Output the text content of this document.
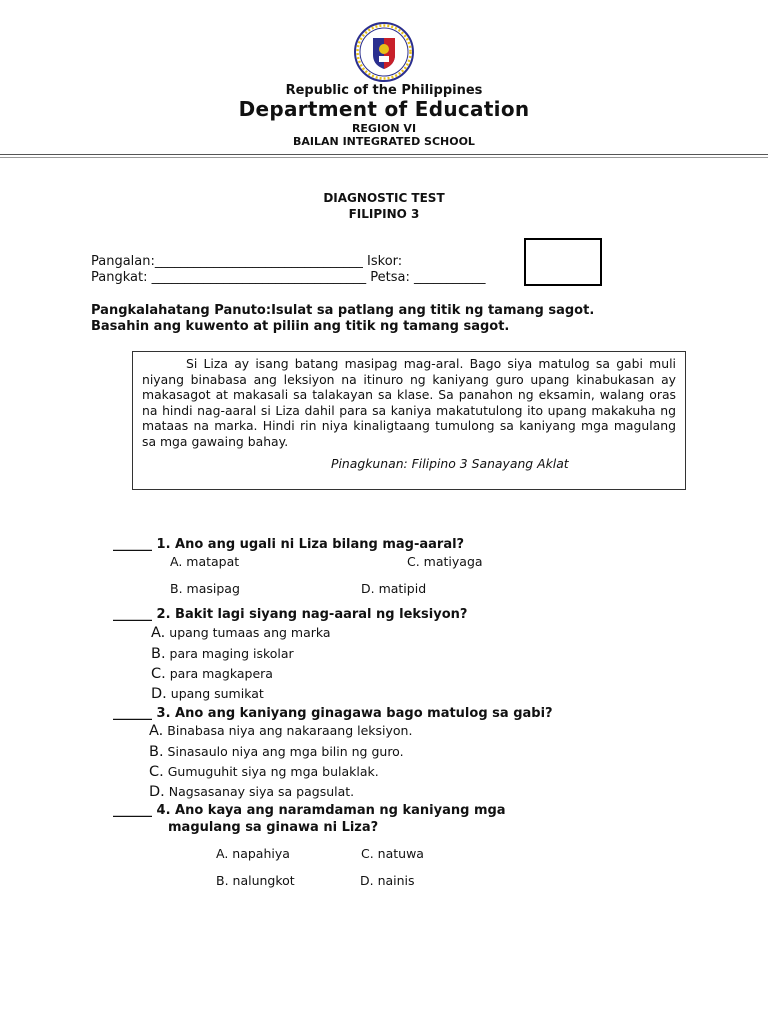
Republic of the Philippines
Department of Education
REGION VI
BAILAN INTEGRATED SCHOOL
DIAGNOSTIC TEST
FILIPINO 3
Pangalan:________________________________ Iskor:
Pangkat: _________________________________ Petsa: ___________
Pangkalahatang Panuto:Isulat sa patlang ang titik ng tamang sagot.
Basahin ang kuwento at piliin ang titik ng tamang sagot.

Si Liza ay isang batang masipag mag-aral. Bago siya matulog sa gabi muli niyang binabasa ang leksiyon na itinuro ng kaniyang guro upang kinabukasan ay makasagot at makasali sa talakayan sa klase. Sa panahon ng eksamin, walang oras na hindi nag-aaral si Liza dahil para sa kaniya makatutulong ito upang makakuha ng mataas na marka. Hindi rin niya kinaligtaang tumulong sa kaniyang mga magulang sa mga gawaing bahay.

Pinagkunan: Filipino 3 Sanayang Aklat
______ 1. Ano ang ugali ni Liza bilang mag-aaral?
A. matapat	C. matiyaga
B. masipag	D. matipid
______ 2. Bakit lagi siyang nag-aaral ng leksiyon?
A. upang tumaas ang marka
B. para maging iskolar
C. para magkapera
D. upang sumikat
______ 3. Ano ang kaniyang ginagawa bago matulog sa gabi?
A. Binabasa niya ang nakaraang leksiyon.
B. Sinasaulo niya ang mga bilin ng guro.
C. Gumuguhit siya ng mga bulaklak.
D. Nagsasanay siya sa pagsulat.
______ 4. Ano kaya ang naramdaman ng kaniyang mga
magulang sa ginawa ni Liza?
A. napahiya	C. natuwa
B. nalungkot	D. nainis
